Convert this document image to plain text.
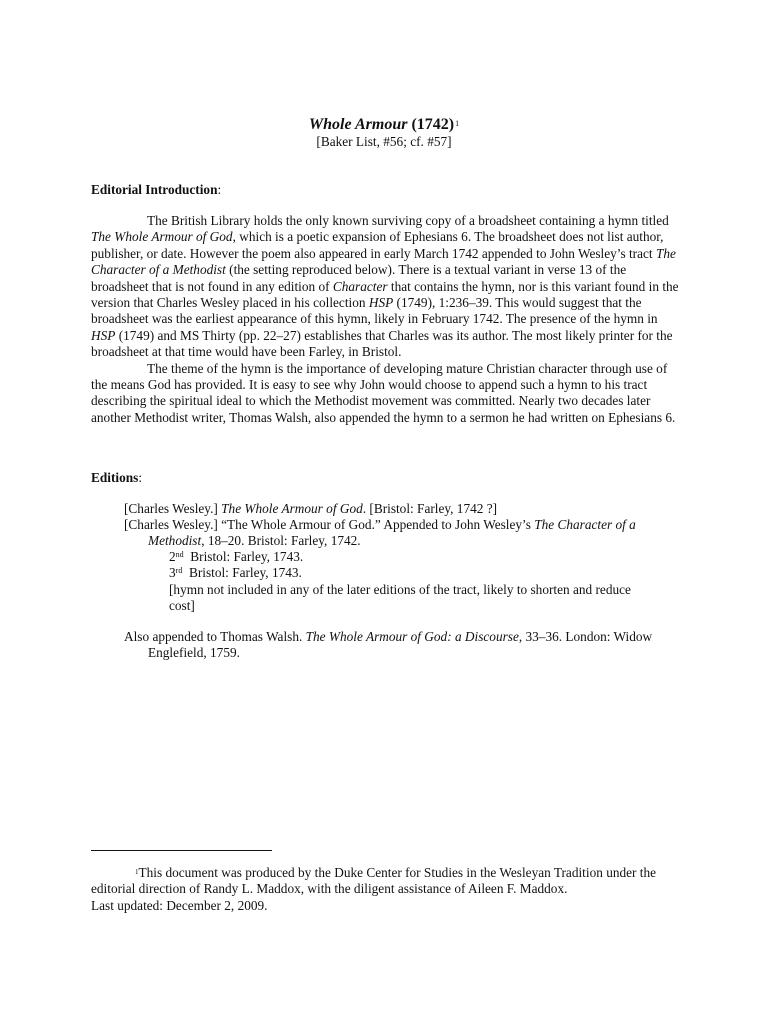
Whole Armour $(1742)^1$
[Baker List, #56; cf. #57]
Editorial Introduction:

The British Library holds the only known surviving copy of a broadsheet containing a hymn titled The Whole Armour of God, which is a poetic expansion of Ephesians 6. The broadsheet does not list author, publisher, or date. However the poem also appeared in early March 1742 appended to John Wesley’s tract The Character of a Methodist (the setting reproduced below). There is a textual variant in verse 13 of the broadsheet that is not found in any edition of Character that contains the hymn, nor is this variant found in the version that Charles Wesley placed in his collection HSP (1749), 1:236–39. This would suggest that the broadsheet was the earliest appearance of this hymn, likely in February 1742. The presence of the hymn in HSP (1749) and MS Thirty (pp. 22–27) establishes that Charles was its author. The most likely printer for the broadsheet at that time would have been Farley, in Bristol.

The theme of the hymn is the importance of developing mature Christian character through use of the means God has provided. It is easy to see why John would choose to append such a hymn to his tract describing the spiritual ideal to which the Methodist movement was committed. Nearly two decades later another Methodist writer, Thomas Walsh, also appended the hymn to a sermon he had written on Ephesians 6.

Editions:

[Charles Wesley.] The Whole Armour of God. [Bristol: Farley, 1742 ?]

[Charles Wesley.] “The Whole Armour of God.” Appended to John Wesley’s The Character of a Methodist, 18–20. Bristol: Farley, 1742.

2nd  Bristol: Farley, 1743.

3rd  Bristol: Farley, 1743.

[hymn not included in any of the later editions of the tract, likely to shorten and reduce cost]

Also appended to Thomas Walsh. The Whole Armour of God: a Discourse, 33–36. London: Widow Englefield, 1759.

$^1$This document was produced by the Duke Center for Studies in the Wesleyan Tradition under the editorial direction of Randy L. Maddox, with the diligent assistance of Aileen F. Maddox.

Last updated: December 2, 2009.
